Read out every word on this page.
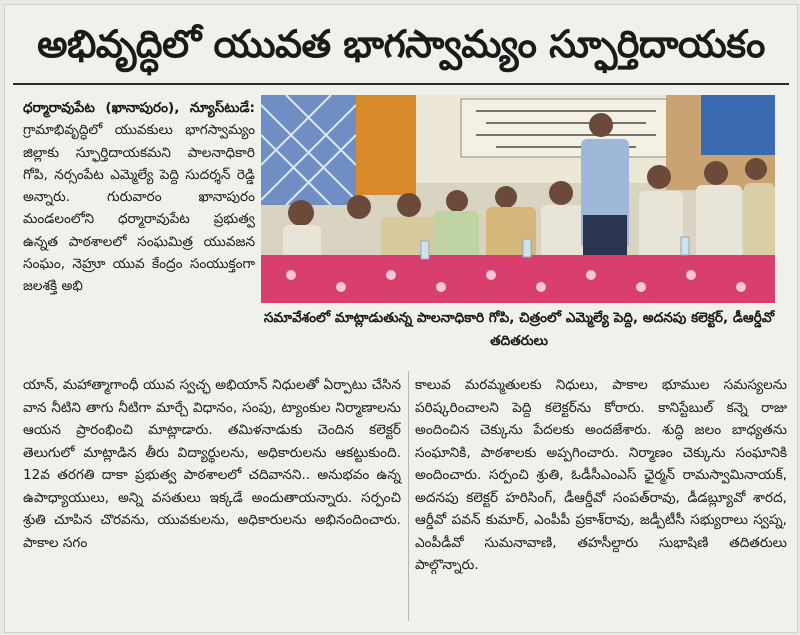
అభివృద్ధిలో యువత భాగస్వామ్యం స్ఫూర్తిదాయకం
ధర్మారావుపేట (ఖానాపురం), న్యూస్‌టుడే: గ్రామాభివృద్ధిలో యువకులు భాగస్వామ్యం జిల్లాకు స్ఫూర్తిదాయకమని పాలనాధికారి గోపి, నర్సంపేట ఎమ్మెల్యే పెద్ది సుదర్శన్ రెడ్డి అన్నారు. గురువారం ఖానాపురం మండలంలోని ధర్మారావుపేట ప్రభుత్వ ఉన్నత పాఠశాలలో సంఘమిత్ర యువజన సంఘం, నెహ్రూ యువ కేంద్రం సంయుక్తంగా జలశక్తి అభి
సమావేశంలో మాట్లాడుతున్న పాలనాధికారి గోపి, చిత్రంలో ఎమ్మెల్యే పెద్ది, అదనపు కలెక్టర్, డీఆర్డీవో తదితరులు
యాన్, మహాత్మాగాంధీ యువ స్వచ్ఛ అభియాన్ నిధులతో ఏర్పాటు చేసిన వాన నీటిని తాగు నీటిగా మార్చే విధానం, సంపు, ట్యాంకుల నిర్మాణాలను ఆయన ప్రారంభించి మాట్లాడారు. తమిళనాడుకు చెందిన కలెక్టర్ తెలుగులో మాట్లాడిన తీరు విద్యార్థులను, అధికారులను ఆకట్టుకుంది. 12వ తరగతి దాకా ప్రభుత్వ పాఠశాలలో చదివానని.. అనుభవం ఉన్న ఉపాధ్యాయులు, అన్ని వసతులు ఇక్కడే అందుతాయన్నారు. సర్పంచి శ్రుతి చూపిన చొరవను, యువకులను, అధికారులను అభినందించారు. పాకాల సగం
కాలువ మరమ్మతులకు నిధులు, పాకాల భూముల సమస్యలను పరిష్కరించాలని పెద్ది కలెక్టర్‌ను కోరారు. కానిస్టేబుల్ కన్నె రాజు అందించిన చెక్కును పేదలకు అందజేశారు. శుద్ధి జలం బాధ్యతను సంఘానికి, పాఠశాలకు అప్పగించారు. నిర్మాణం చెక్కును సంఘానికి అందించారు. సర్పంచి శ్రుతి, ఓడీసీఎంఎస్ ఛైర్మన్ రామస్వామినాయక్, అదనపు కలెక్టర్ హరిసింగ్, డీఆర్డీవో సంపత్‌రావు, డీడబ్ల్యూవో శారద, ఆర్డీవో పవన్ కుమార్, ఎంపీపీ ప్రకాశ్‌రావు, జడ్పీటీసీ సభ్యురాలు స్వప్న, ఎంపీడీవో సుమనావాణి, తహసీల్దారు సుభాషిణి తదితరులు పాల్గొన్నారు.
